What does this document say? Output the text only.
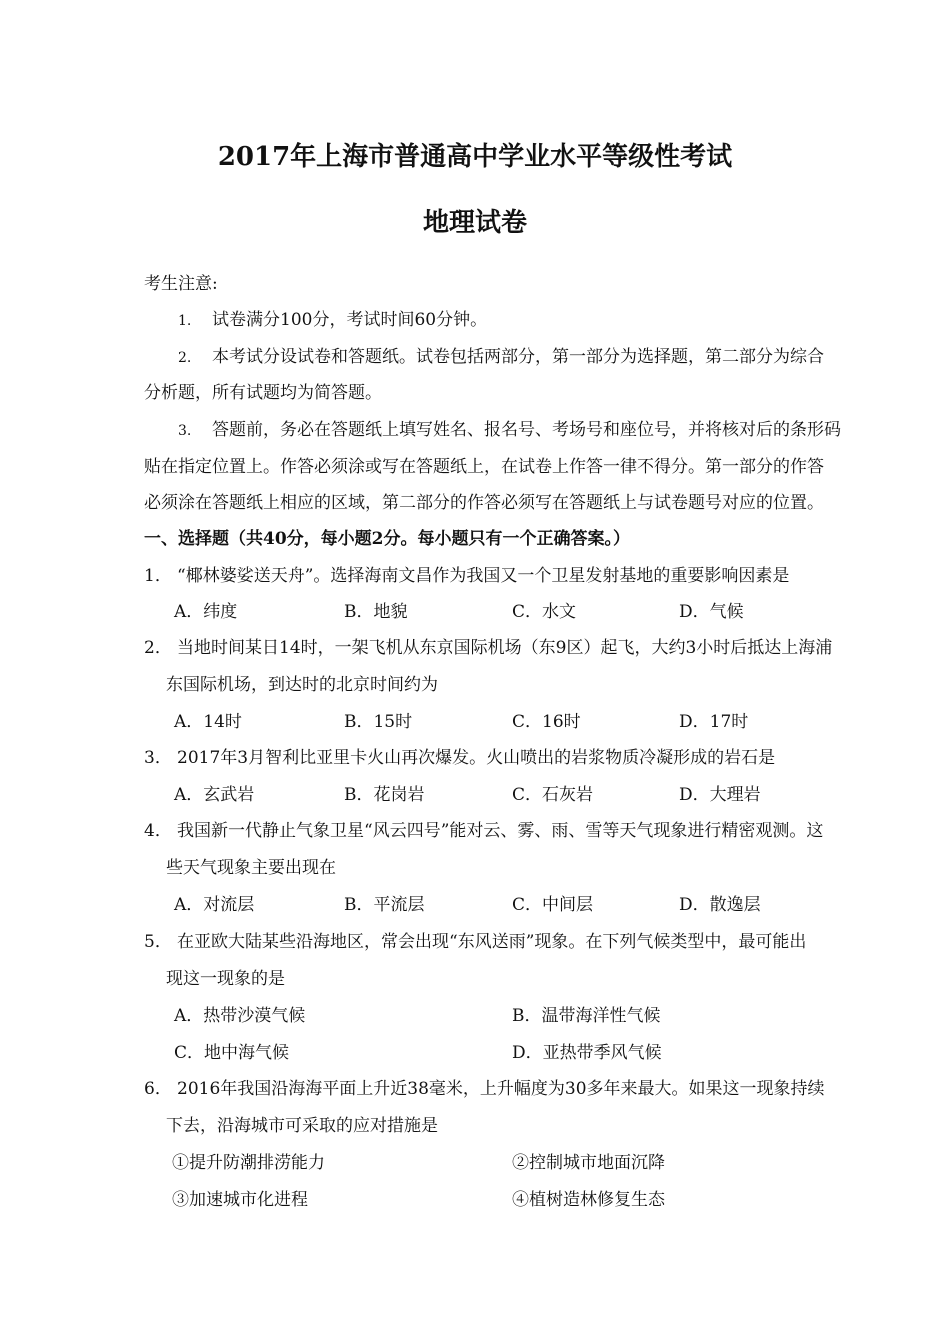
2017年上海市普通高中学业水平等级性考试
地理试卷
考生注意:
1. 试卷满分100分，考试时间60分钟。
2. 本考试分设试卷和答题纸。试卷包括两部分，第一部分为选择题，第二部分为综合
分析题，所有试题均为简答题。
3. 答题前，务必在答题纸上填写姓名、报名号、考场号和座位号，并将核对后的条形码
贴在指定位置上。作答必须涂或写在答题纸上，在试卷上作答一律不得分。第一部分的作答
必须涂在答题纸上相应的区域，第二部分的作答必须写在答题纸上与试卷题号对应的位置。
一、选择题（共40分，每小题2分。每小题只有一个正确答案。）
1． “椰林婆娑送天舟”。选择海南文昌作为我国又一个卫星发射基地的重要影响因素是
A．纬度	B．地貌	C．水文	D．气候
2． 当地时间某日14时，一架飞机从东京国际机场（东9区）起飞，大约3小时后抵达上海浦
东国际机场，到达时的北京时间约为
A．14时	B．15时	C．16时	D．17时
3． 2017年3月智利比亚里卡火山再次爆发。火山喷出的岩浆物质冷凝形成的岩石是
A．玄武岩	B．花岗岩	C．石灰岩	D．大理岩
4． 我国新一代静止气象卫星“风云四号”能对云、雾、雨、雪等天气现象进行精密观测。这
些天气现象主要出现在
A．对流层	B．平流层	C．中间层	D．散逸层
5． 在亚欧大陆某些沿海地区，常会出现“东风送雨”现象。在下列气候类型中，最可能出
现这一现象的是
A．热带沙漠气候	B．温带海洋性气候
C．地中海气候	D．亚热带季风气候
6． 2016年我国沿海海平面上升近38毫米，上升幅度为30多年来最大。如果这一现象持续
下去，沿海城市可采取的应对措施是
①提升防潮排涝能力	②控制城市地面沉降
③加速城市化进程	④植树造林修复生态
